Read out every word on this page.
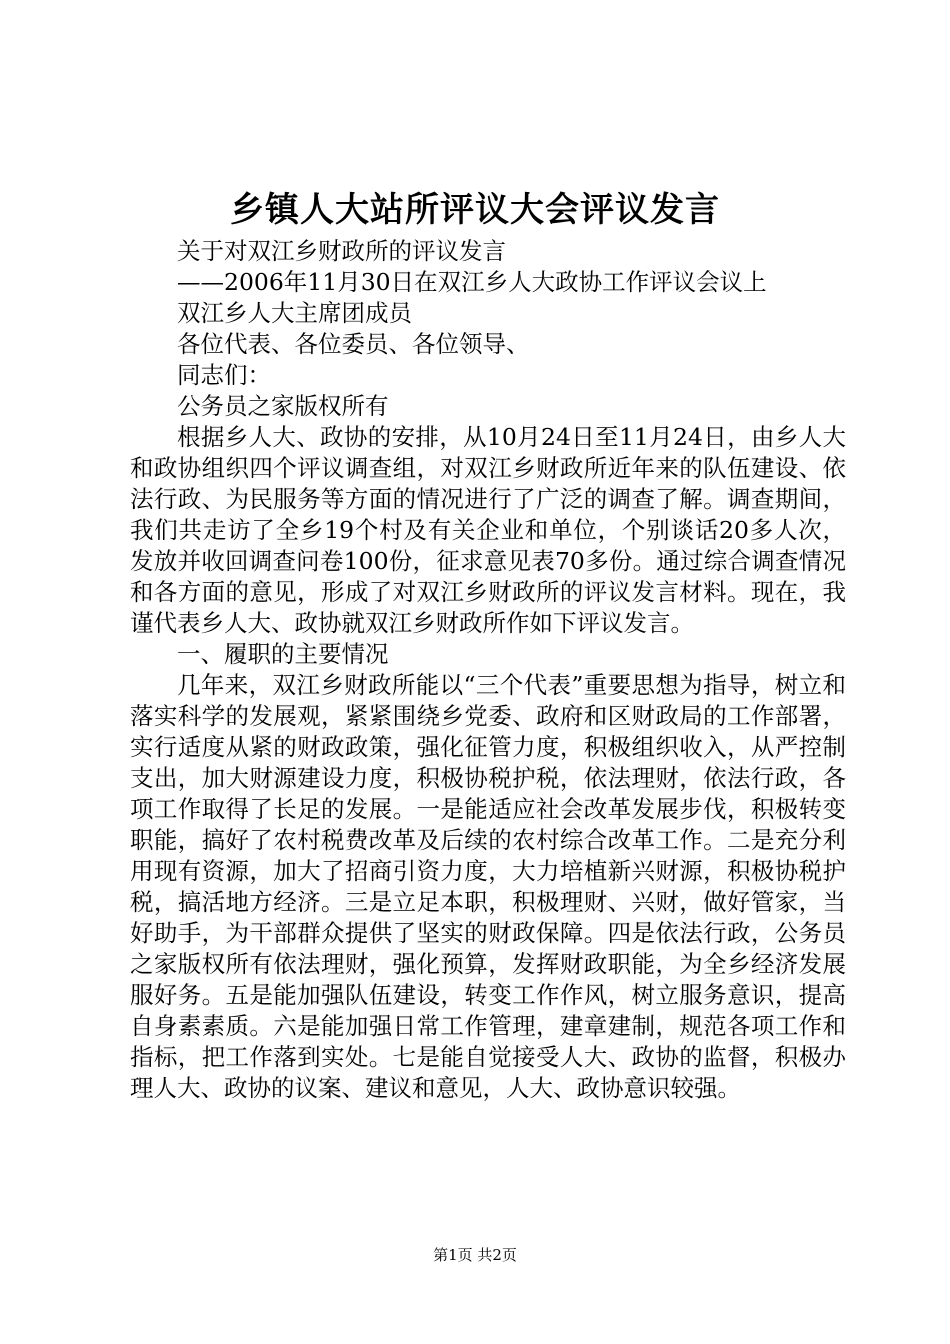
乡镇人大站所评议大会评议发言

关于对双江乡财政所的评议发言

——2006年11月30日在双江乡人大政协工作评议会议上

双江乡人大主席团成员

各位代表、各位委员、各位领导、

同志们：

公务员之家版权所有

根据乡人大、政协的安排，从10月24日至11月24日，由乡人大和政协组织四个评议调查组，对双江乡财政所近年来的队伍建设、依法行政、为民服务等方面的情况进行了广泛的调查了解。调查期间，我们共走访了全乡19个村及有关企业和单位，个别谈话20多人次，发放并收回调查问卷100份，征求意见表70多份。通过综合调查情况和各方面的意见，形成了对双江乡财政所的评议发言材料。现在，我谨代表乡人大、政协就双江乡财政所作如下评议发言。

一、履职的主要情况

几年来，双江乡财政所能以“三个代表”重要思想为指导，树立和落实科学的发展观，紧紧围绕乡党委、政府和区财政局的工作部署，实行适度从紧的财政政策，强化征管力度，积极组织收入，从严控制支出，加大财源建设力度，积极协税护税，依法理财，依法行政，各项工作取得了长足的发展。一是能适应社会改革发展步伐，积极转变职能，搞好了农村税费改革及后续的农村综合改革工作。二是充分利用现有资源，加大了招商引资力度，大力培植新兴财源，积极协税护税，搞活地方经济。三是立足本职，积极理财、兴财，做好管家，当好助手，为干部群众提供了坚实的财政保障。四是依法行政，公务员之家版权所有依法理财，强化预算，发挥财政职能，为全乡经济发展服好务。五是能加强队伍建设，转变工作作风，树立服务意识，提高自身素素质。六是能加强日常工作管理，建章建制，规范各项工作和指标，把工作落到实处。七是能自觉接受人大、政协的监督，积极办理人大、政协的议案、建议和意见，人大、政协意识较强。

第1页 共2页
